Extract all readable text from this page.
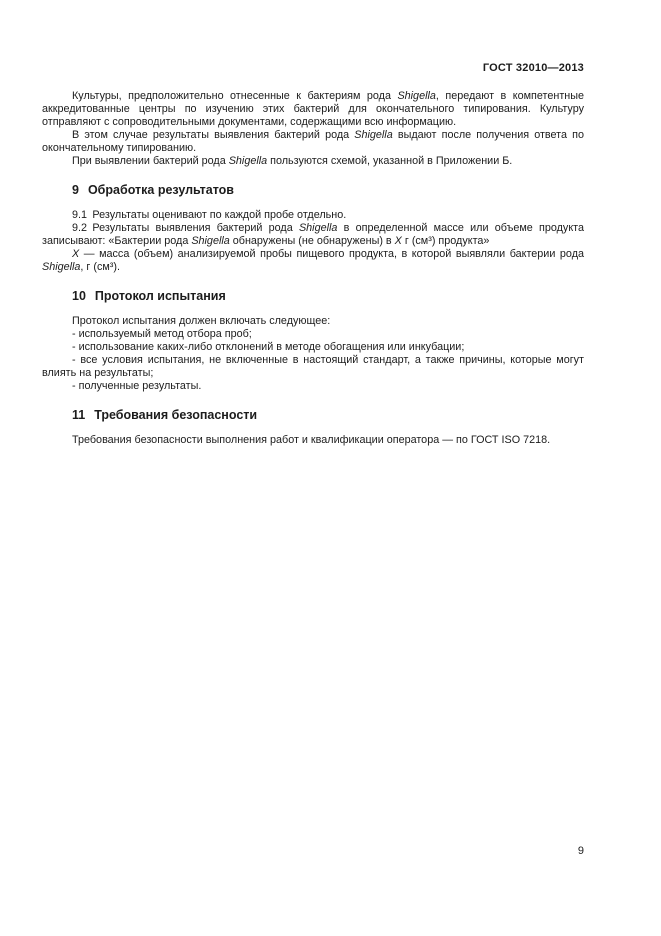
ГОСТ 32010—2013

Культуры, предположительно отнесенные к бактериям рода Shigella, передают в компетентные аккредитованные центры по изучению этих бактерий для окончательного типирования. Культуру отправляют с сопроводительными документами, содержащими всю информацию.

В этом случае результаты выявления бактерий рода Shigella выдают после получения ответа по окончательному типированию.

При выявлении бактерий рода Shigella пользуются схемой, указанной в Приложении Б.

9 Обработка результатов

9.1 Результаты оценивают по каждой пробе отдельно.

9.2 Результаты выявления бактерий рода Shigella в определенной массе или объеме продукта записывают: «Бактерии рода Shigella обнаружены (не обнаружены) в X г (см³) продукта»

X — масса (объем) анализируемой пробы пищевого продукта, в которой выявляли бактерии рода Shigella, г (см³).

10 Протокол испытания

Протокол испытания должен включать следующее:

- используемый метод отбора проб;

- использование каких-либо отклонений в методе обогащения или инкубации;

- все условия испытания, не включенные в настоящий стандарт, а также причины, которые могут влиять на результаты;

- полученные результаты.

11 Требования безопасности

Требования безопасности выполнения работ и квалификации оператора — по ГОСТ ISO 7218.

9
